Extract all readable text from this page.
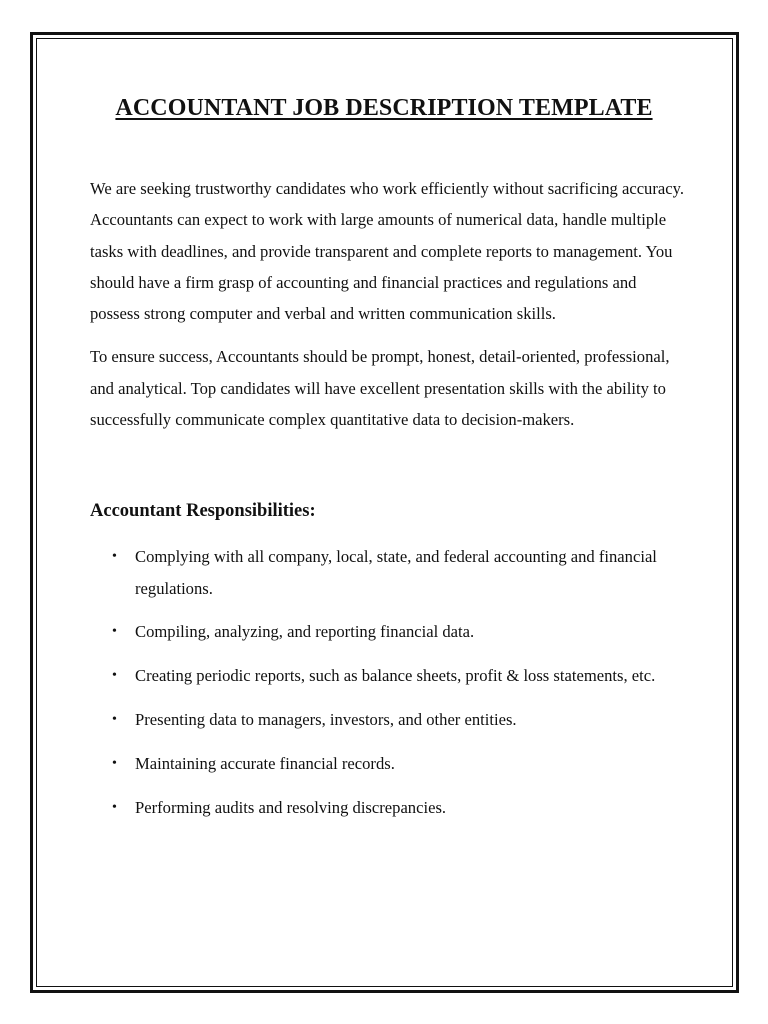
ACCOUNTANT JOB DESCRIPTION TEMPLATE

We are seeking trustworthy candidates who work efficiently without sacrificing accuracy. Accountants can expect to work with large amounts of numerical data, handle multiple tasks with deadlines, and provide transparent and complete reports to management. You should have a firm grasp of accounting and financial practices and regulations and possess strong computer and verbal and written communication skills.

To ensure success, Accountants should be prompt, honest, detail-oriented, professional, and analytical. Top candidates will have excellent presentation skills with the ability to successfully communicate complex quantitative data to decision-makers.

Accountant Responsibilities:
• Complying with all company, local, state, and federal accounting and financial regulations.
• Compiling, analyzing, and reporting financial data.
• Creating periodic reports, such as balance sheets, profit & loss statements, etc.
• Presenting data to managers, investors, and other entities.
• Maintaining accurate financial records.
• Performing audits and resolving discrepancies.
